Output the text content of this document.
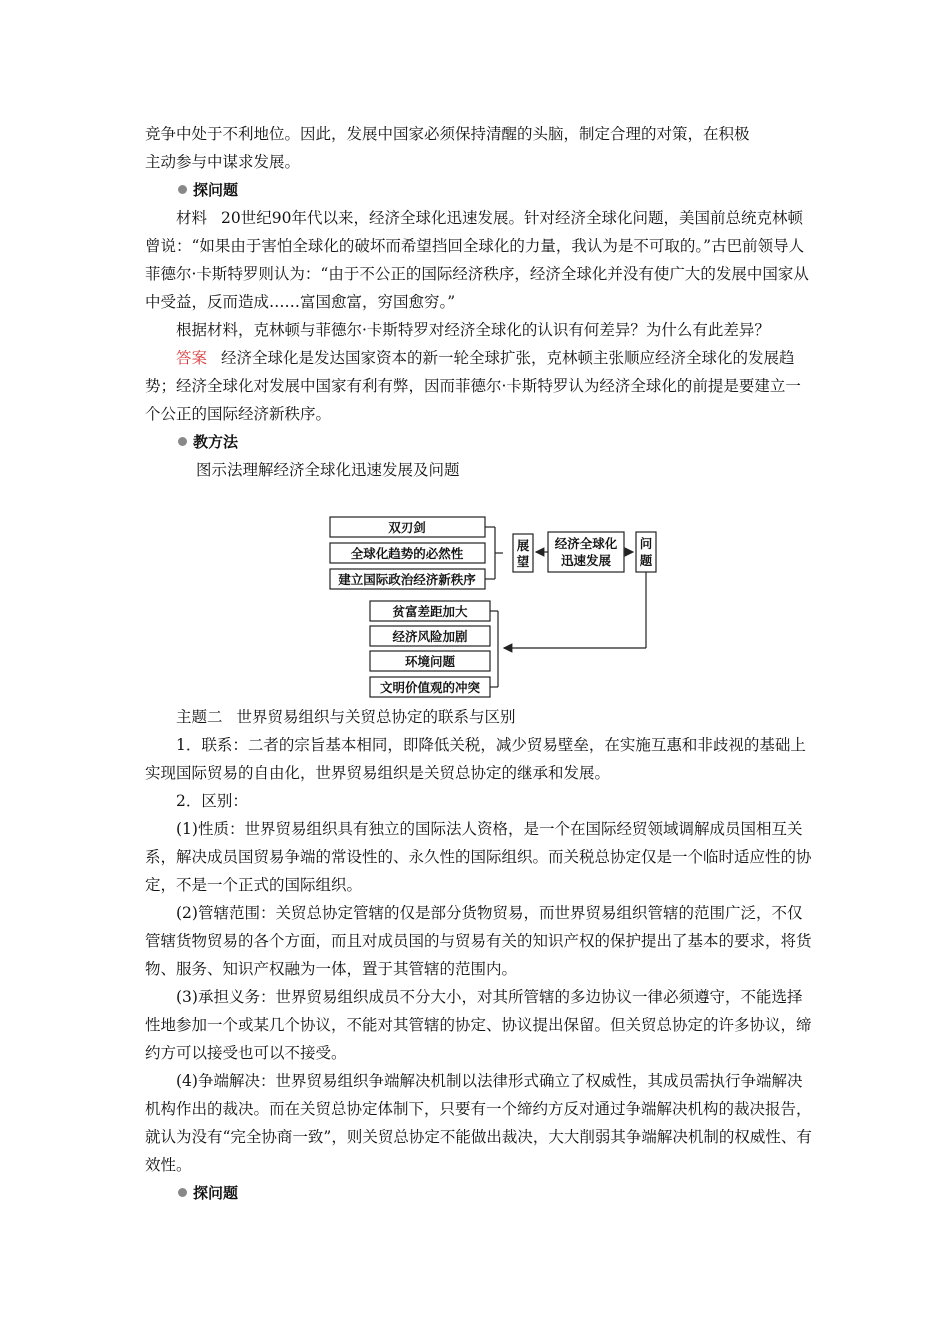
竞争中处于不利地位。因此，发展中国家必须保持清醒的头脑，制定合理的对策，在积极

主动参与中谋求发展。

探问题

材料 20世纪90年代以来，经济全球化迅速发展。针对经济全球化问题，美国前总统克林顿曾说：“如果由于害怕全球化的破坏而希望挡回全球化的力量，我认为是不可取的。”古巴前领导人菲德尔·卡斯特罗则认为：“由于不公正的国际经济秩序，经济全球化并没有使广大的发展中国家从中受益，反而造成……富国愈富，穷国愈穷。”

根据材料，克林顿与菲德尔·卡斯特罗对经济全球化的认识有何差异？为什么有此差异？

答案 经济全球化是发达国家资本的新一轮全球扩张，克林顿主张顺应经济全球化的发展趋势；经济全球化对发展中国家有利有弊，因而菲德尔·卡斯特罗认为经济全球化的前提是要建立一个公正的国际经济新秩序。

教方法

图示法理解经济全球化迅速发展及问题

双刃剑
全球化趋势的必然性
建立国际政治经济新秩序
展
望
经济全球化
迅速发展
问
题
贫富差距加大
经济风险加剧
环境问题
文明价值观的冲突

主题二 世界贸易组织与关贸总协定的联系与区别

1．联系：二者的宗旨基本相同，即降低关税，减少贸易壁垒，在实施互惠和非歧视的基础上实现国际贸易的自由化，世界贸易组织是关贸总协定的继承和发展。

2．区别：

(1)性质：世界贸易组织具有独立的国际法人资格，是一个在国际经贸领域调解成员国相互关系，解决成员国贸易争端的常设性的、永久性的国际组织。而关税总协定仅是一个临时适应性的协定，不是一个正式的国际组织。

(2)管辖范围：关贸总协定管辖的仅是部分货物贸易，而世界贸易组织管辖的范围广泛，不仅管辖货物贸易的各个方面，而且对成员国的与贸易有关的知识产权的保护提出了基本的要求，将货物、服务、知识产权融为一体，置于其管辖的范围内。

(3)承担义务：世界贸易组织成员不分大小，对其所管辖的多边协议一律必须遵守，不能选择性地参加一个或某几个协议，不能对其管辖的协定、协议提出保留。但关贸总协定的许多协议，缔约方可以接受也可以不接受。

(4)争端解决：世界贸易组织争端解决机制以法律形式确立了权威性，其成员需执行争端解决机构作出的裁决。而在关贸总协定体制下，只要有一个缔约方反对通过争端解决机构的裁决报告，就认为没有“完全协商一致”，则关贸总协定不能做出裁决，大大削弱其争端解决机制的权威性、有效性。

探问题
